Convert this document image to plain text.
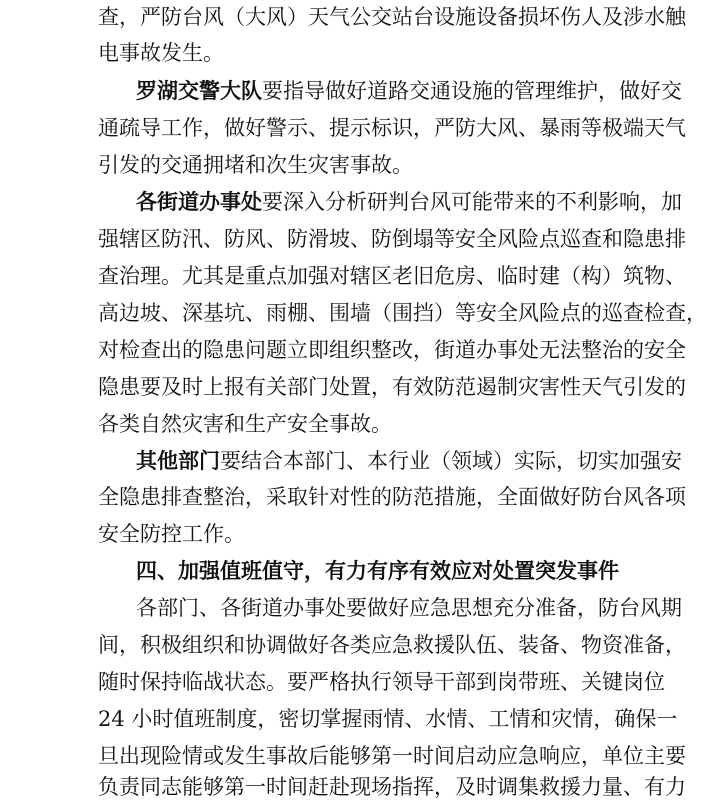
查，严防台风（大风）天气公交站台设施设备损坏伤人及涉水触
电事故发生。
罗湖交警大队要指导做好道路交通设施的管理维护，做好交
通疏导工作，做好警示、提示标识，严防大风、暴雨等极端天气
引发的交通拥堵和次生灾害事故。
各街道办事处要深入分析研判台风可能带来的不利影响，加
强辖区防汛、防风、防滑坡、防倒塌等安全风险点巡查和隐患排
查治理。尤其是重点加强对辖区老旧危房、临时建（构）筑物、
高边坡、深基坑、雨棚、围墙（围挡）等安全风险点的巡查检查，
对检查出的隐患问题立即组织整改，街道办事处无法整治的安全
隐患要及时上报有关部门处置，有效防范遏制灾害性天气引发的
各类自然灾害和生产安全事故。
其他部门要结合本部门、本行业（领域）实际，切实加强安
全隐患排查整治，采取针对性的防范措施，全面做好防台风各项
安全防控工作。
四、加强值班值守，有力有序有效应对处置突发事件
各部门、各街道办事处要做好应急思想充分准备，防台风期
间，积极组织和协调做好各类应急救援队伍、装备、物资准备，
随时保持临战状态。要严格执行领导干部到岗带班、关键岗位
24 小时值班制度，密切掌握雨情、水情、工情和灾情，确保一
旦出现险情或发生事故后能够第一时间启动应急响应，单位主要
负责同志能够第一时间赶赴现场指挥，及时调集救援力量、有力
